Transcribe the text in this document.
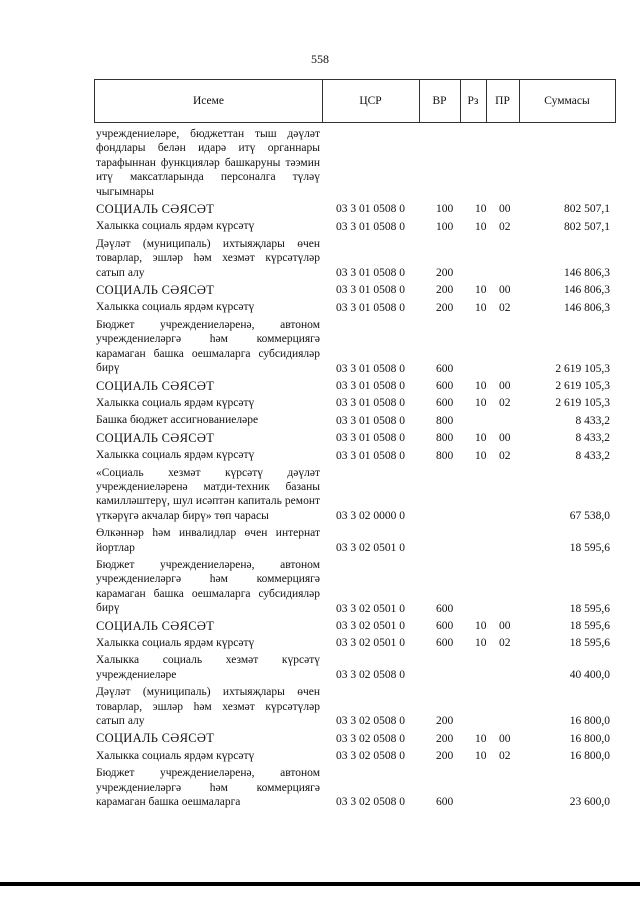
558
Исеме	ЦСР	ВР	Рз	ПР	Суммасы
учреждениеләре, бюджеттан тыш дәүләт фондлары белән идарә итү органнары тарафыннан функцияләр башкаруны тәэмин итү максатларында персоналга түләү чыгымнары
СОЦИАЛЬ СӘЯСӘТ	03 3 01 0508 0	100 10 00	802 507,1
Халыкка социаль ярдәм күрсәтү	03 3 01 0508 0	100 10 02	802 507,1
Дәүләт (муниципаль) ихтыяҗлары өчен товарлар, эшләр һәм хезмәт күрсәтүләр сатып алу	03 3 01 0508 0	200	146 806,3
СОЦИАЛЬ СӘЯСӘТ	03 3 01 0508 0	200 10 00	146 806,3
Халыкка социаль ярдәм күрсәтү	03 3 01 0508 0	200 10 02	146 806,3
Бюджет учреждениеләренә, автоном учреждениеләргә һәм коммерциягә карамаган башка оешмаларга субсидияләр бирү	03 3 01 0508 0	600	2 619 105,3
СОЦИАЛЬ СӘЯСӘТ	03 3 01 0508 0	600 10 00	2 619 105,3
Халыкка социаль ярдәм күрсәтү	03 3 01 0508 0	600 10 02	2 619 105,3
Башка бюджет ассигнованиеләре	03 3 01 0508 0	800	8 433,2
СОЦИАЛЬ СӘЯСӘТ	03 3 01 0508 0	800 10 00	8 433,2
Халыкка социаль ярдәм күрсәтү	03 3 01 0508 0	800 10 02	8 433,2
«Социаль хезмәт күрсәтү дәүләт учреждениеләренә матди-техник базаны камилләштерү, шул исәптән капиталь ремонт үткәрүгә акчалар бирү» төп чарасы	03 3 02 0000 0	67 538,0
Өлкәннәр һәм инвалидлар өчен интернат йортлар	03 3 02 0501 0	18 595,6
Бюджет учреждениеләренә, автоном учреждениеләргә һәм коммерциягә карамаган башка оешмаларга субсидияләр бирү	03 3 02 0501 0	600	18 595,6
СОЦИАЛЬ СӘЯСӘТ	03 3 02 0501 0	600 10 00	18 595,6
Халыкка социаль ярдәм күрсәтү	03 3 02 0501 0	600 10 02	18 595,6
Халыкка социаль хезмәт күрсәтү учреждениеләре	03 3 02 0508 0	40 400,0
Дәүләт (муниципаль) ихтыяҗлары өчен товарлар, эшләр һәм хезмәт күрсәтүләр сатып алу	03 3 02 0508 0	200	16 800,0
СОЦИАЛЬ СӘЯСӘТ	03 3 02 0508 0	200 10 00	16 800,0
Халыкка социаль ярдәм күрсәтү	03 3 02 0508 0	200 10 02	16 800,0
Бюджет учреждениеләренә, автоном учреждениеләргә һәм коммерциягә карамаган башка оешмаларга	03 3 02 0508 0	600	23 600,0
